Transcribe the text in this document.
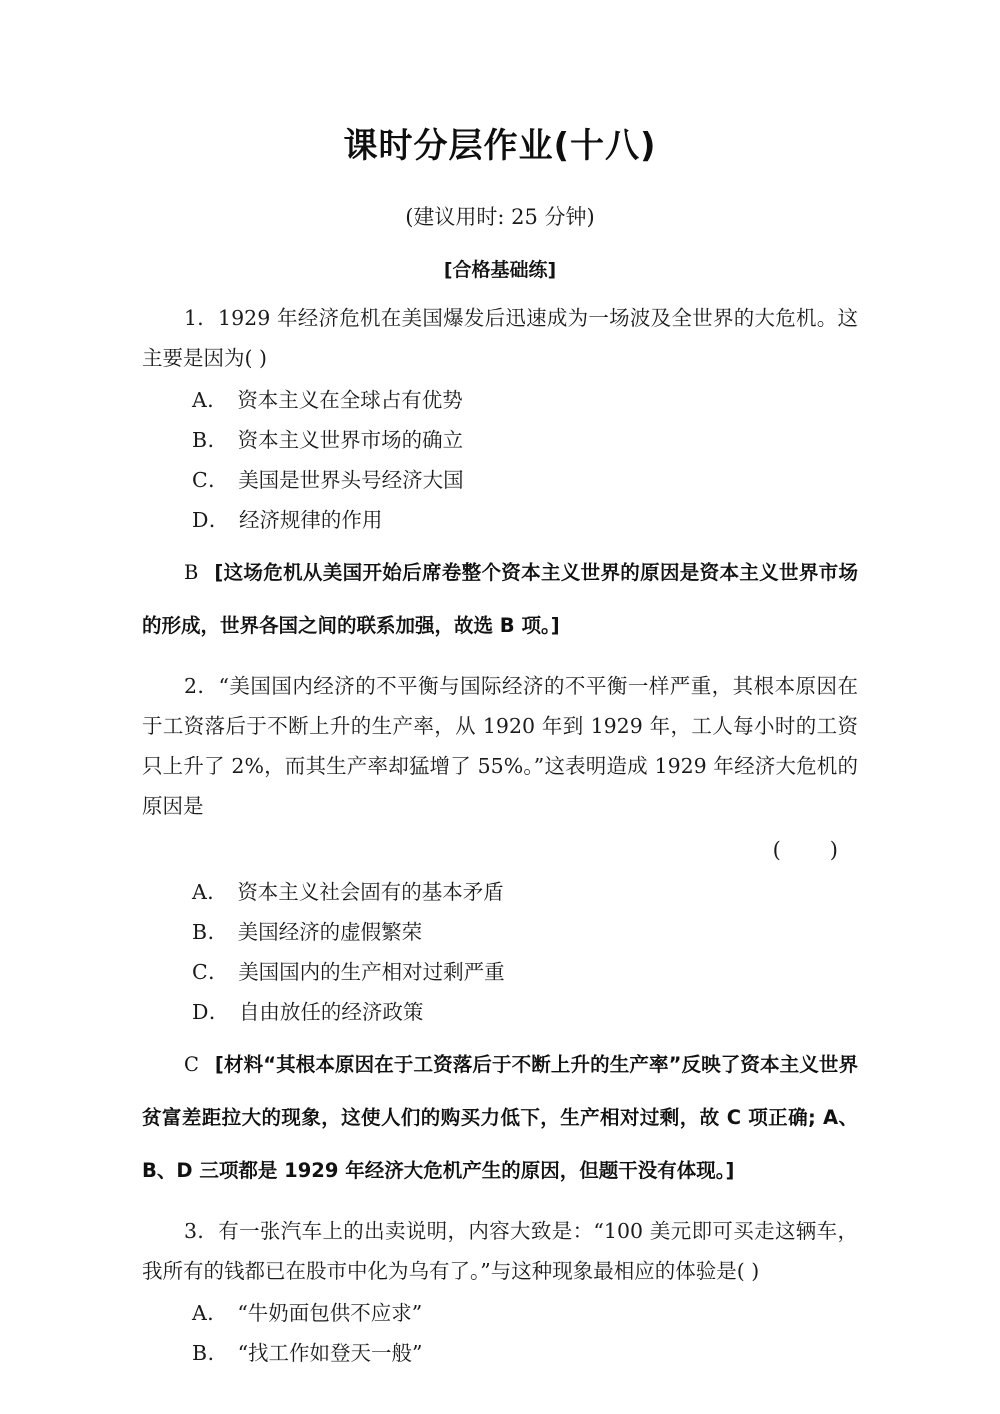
课时分层作业(十八)

(建议用时: 25 分钟)

[合格基础练]

1．1929 年经济危机在美国爆发后迅速成为一场波及全世界的大危机。这主要是因为( )

A． 资本主义在全球占有优势

B． 资本主义世界市场的确立

C． 美国是世界头号经济大国

D． 经济规律的作用

B [这场危机从美国开始后席卷整个资本主义世界的原因是资本主义世界市场的形成，世界各国之间的联系加强，故选 B 项。]

2．“美国国内经济的不平衡与国际经济的不平衡一样严重，其根本原因在于工资落后于不断上升的生产率，从 1920 年到 1929 年，工人每小时的工资只上升了 2%，而其生产率却猛增了 55%。”这表明造成 1929 年经济大危机的原因是

(　)

A． 资本主义社会固有的基本矛盾

B． 美国经济的虚假繁荣

C． 美国国内的生产相对过剩严重

D． 自由放任的经济政策

C [材料“其根本原因在于工资落后于不断上升的生产率”反映了资本主义世界贫富差距拉大的现象，这使人们的购买力低下，生产相对过剩，故 C 项正确; A、B、D 三项都是 1929 年经济大危机产生的原因，但题干没有体现。]

3．有一张汽车上的出卖说明，内容大致是：“100 美元即可买走这辆车，我所有的钱都已在股市中化为乌有了。”与这种现象最相应的体验是( )

A． “牛奶面包供不应求”

B． “找工作如登天一般”
